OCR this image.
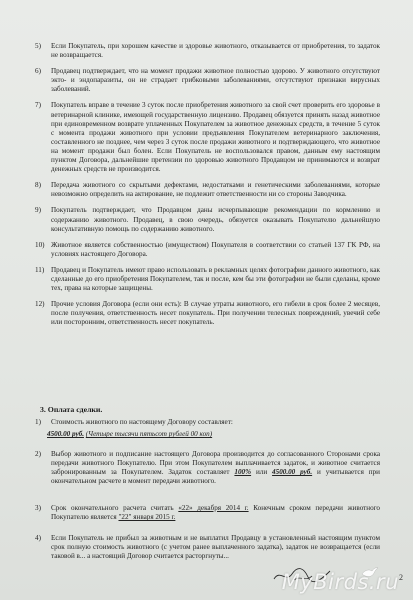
5) Если Покупатель, при хорошем качестве и здоровье животного, отказывается от приобретения, то задаток не возвращается.
6) Продавец подтверждает, что на момент продажи животное полностью здорово. У животного отсутствуют экто- и эндопаразиты, он не страдает грибковыми заболеваниями, отсутствуют признаки вирусных заболеваний.
7) Покупатель вправе в течение 3 суток после приобретения животного за свой счет проверить его здоровье в ветеринарной клинике, имеющей государственную лицензию. Продавец обязуется принять назад животное при единовременном возврате уплаченных Покупателем за животное денежных средств, в течение 5 суток с момента продажи животного при условии предъявления Покупателем ветеринарного заключения, составленного не позднее, чем через 3 суток после продажи животного и подтверждающего, что животное на момент продажи был болен. Если Покупатель не воспользовался правом, данным ему настоящим пунктом Договора, дальнейшие претензии по здоровью животного Продавцом не принимаются и возврат денежных средств не производится.
8) Передача животного со скрытыми дефектами, недостатками и генетическими заболеваниями, которые невозможно определить на актирование, не подлежит ответственности ни со стороны Заводчика.
9) Покупатель подтверждает, что Продавцом даны исчерпывающие рекомендации по кормлению и содержанию животного. Продавец, в свою очередь, обязуется оказывать Покупателю дальнейшую консультативную помощь по содержанию животного.
10) Животное является собственностью (имуществом) Покупателя в соответствии со статьей 137 ГК РФ, на условиях настоящего Договора.
11) Продавец и Покупатель имеют право использовать в рекламных целях фотографии данного животного, как сделанные до его приобретения Покупателем, так и после, кем бы эти фотографии не были сделаны, кроме тех, права на которые защищены.
12) Прочие условия Договора (если они есть): В случае утраты животного, его гибели в срок более 2 месяцев, после получения, ответственность несет покупатель. При получении телесных повреждений, увечий себе или посторонним, ответственность несет покупатель.
3. Оплата сделки.
1) Стоимость животного по настоящему Договору составляет:
4500.00 руб. (Четыре тысячи пятьсот рублей 00 коп)
2) Выбор животного и подписание настоящего Договора производится до согласованного Сторонами срока передачи животного Покупателю. При этом Покупателем выплачивается задаток, и животное считается забронированным за Покупателем. Задаток составляет 100% или 4500.00 руб. и учитывается при окончательном расчете в момент передачи животного.
3) Срок окончательного расчета считать «22» декабря 2014 г. Конечным сроком передачи животного Покупателю является "22" января 2015 г.
4) Если Покупатель не прибыл за животным и не выплатил Продавцу в установленный настоящим пунктом срок полную стоимость животного (с учетом ранее выплаченного задатка), задаток не возвращается (если таковой в... а настоящий Договор считается расторгнуты...
MyBirds.ru 2
